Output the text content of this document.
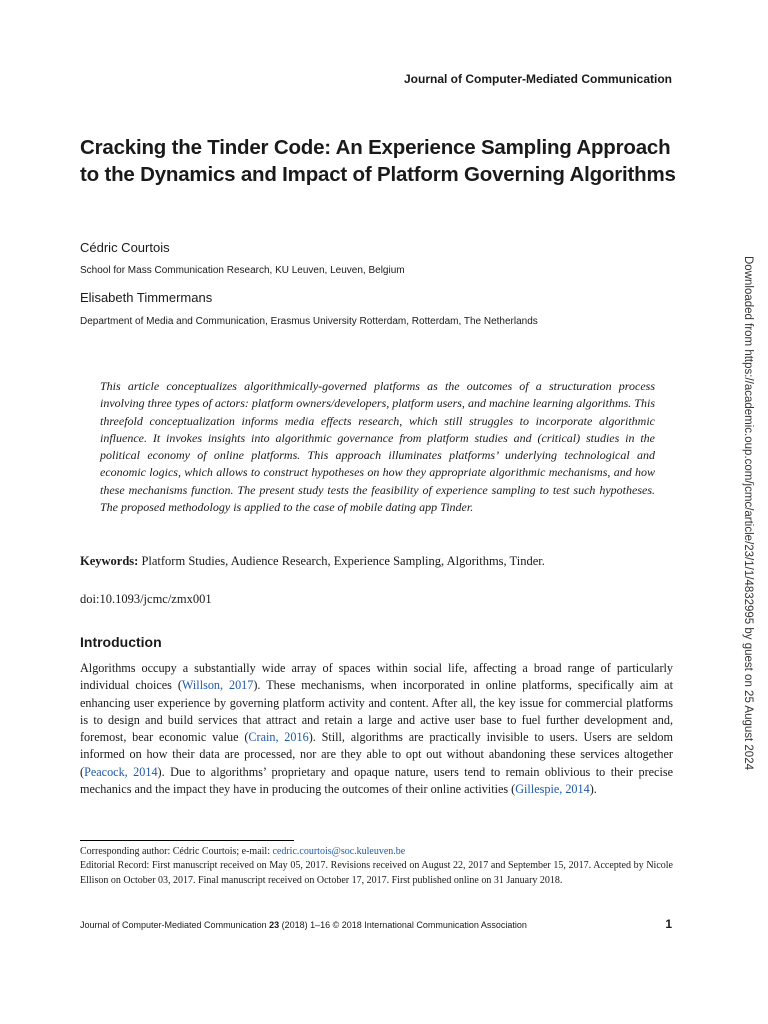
Journal of Computer-Mediated Communication
Cracking the Tinder Code: An Experience Sampling Approach to the Dynamics and Impact of Platform Governing Algorithms
Cédric Courtois
School for Mass Communication Research, KU Leuven, Leuven, Belgium
Elisabeth Timmermans
Department of Media and Communication, Erasmus University Rotterdam, Rotterdam, The Netherlands

This article conceptualizes algorithmically-governed platforms as the outcomes of a structuration process involving three types of actors: platform owners/developers, platform users, and machine learning algorithms. This threefold conceptualization informs media effects research, which still struggles to incorporate algorithmic influence. It invokes insights into algorithmic governance from platform studies and (critical) studies in the political economy of online platforms. This approach illuminates platforms’ underlying technological and economic logics, which allows to construct hypotheses on how they appropriate algorithmic mechanisms, and how these mechanisms function. The present study tests the feasibility of experience sampling to test such hypotheses. The proposed methodology is applied to the case of mobile dating app Tinder.

Keywords: Platform Studies, Audience Research, Experience Sampling, Algorithms, Tinder.
doi:10.1093/jcmc/zmx001
Introduction

Algorithms occupy a substantially wide array of spaces within social life, affecting a broad range of particularly individual choices (Willson, 2017). These mechanisms, when incorporated in online platforms, specifically aim at enhancing user experience by governing platform activity and content. After all, the key issue for commercial platforms is to design and build services that attract and retain a large and active user base to fuel further development and, foremost, bear economic value (Crain, 2016). Still, algorithms are practically invisible to users. Users are seldom informed on how their data are processed, nor are they able to opt out without abandoning these services altogether (Peacock, 2014). Due to algorithms’ proprietary and opaque nature, users tend to remain oblivious to their precise mechanics and the impact they have in producing the outcomes of their online activities (Gillespie, 2014).

Corresponding author: Cédric Courtois; e-mail: cedric.courtois@soc.kuleuven.be

Editorial Record: First manuscript received on May 05, 2017. Revisions received on August 22, 2017 and September 15, 2017. Accepted by Nicole Ellison on October 03, 2017. Final manuscript received on October 17, 2017. First published online on 31 January 2018.

Journal of Computer-Mediated Communication 23 (2018) 1–16 © 2018 International Communication Association	1
Downloaded from https://academic.oup.com/jcmc/article/23/1/1/4832995 by guest on 25 August 2024
